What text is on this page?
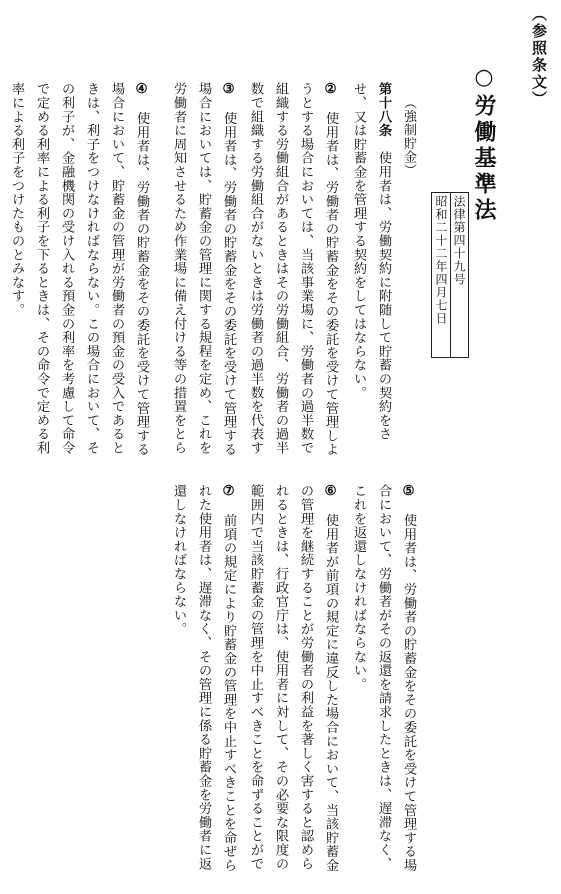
（参照条文）
○労働基準法
昭和二十二年四月七日 法律第四十九号
（強制貯金）
第十八条　使用者は、労働契約に附随して貯蓄の契約をさせ、又は貯蓄金を管理する契約をしてはならない。
②　使用者は、労働者の貯蓄金をその委託を受けて管理しようとする場合においては、当該事業場に、労働者の過半数で組織する労働組合があるときはその労働組合、労働者の過半数で組織する労働組合がないときは労働者の過半数を代表す
③　使用者は、労働者の貯蓄金をその委託を受けて管理する場合においては、貯蓄金の管理に関する規程を定め、これを労働者に周知させるため作業場に備え付ける等の措置をとら
④　使用者は、労働者の貯蓄金をその委託を受けて管理する場合において、貯蓄金の管理が労働者の預金の受入であるときは、利子をつけなければならない。この場合において、その利子が、金融機関の受け入れる預金の利率を考慮して命令で定める利率による利子を下るときは、その命令で定める利率による利子をつけたものとみなす。
⑤　使用者は、労働者の貯蓄金をその委託を受けて管理する場合において、労働者がその返還を請求したときは、遅滞なく、これを返還しなければならない。
⑥　使用者が前項の規定に違反した場合において、当該貯蓄金の管理を継続することが労働者の利益を著しく害すると認められるときは、行政官庁は、使用者に対して、その必要な限度の範囲内で当該貯蓄金の管理を中止すべきことを命ずることがで
⑦　前項の規定により貯蓄金の管理を中止すべきことを命ぜられた使用者は、遅滞なく、その管理に係る貯蓄金を労働者に返還しなければならない。
